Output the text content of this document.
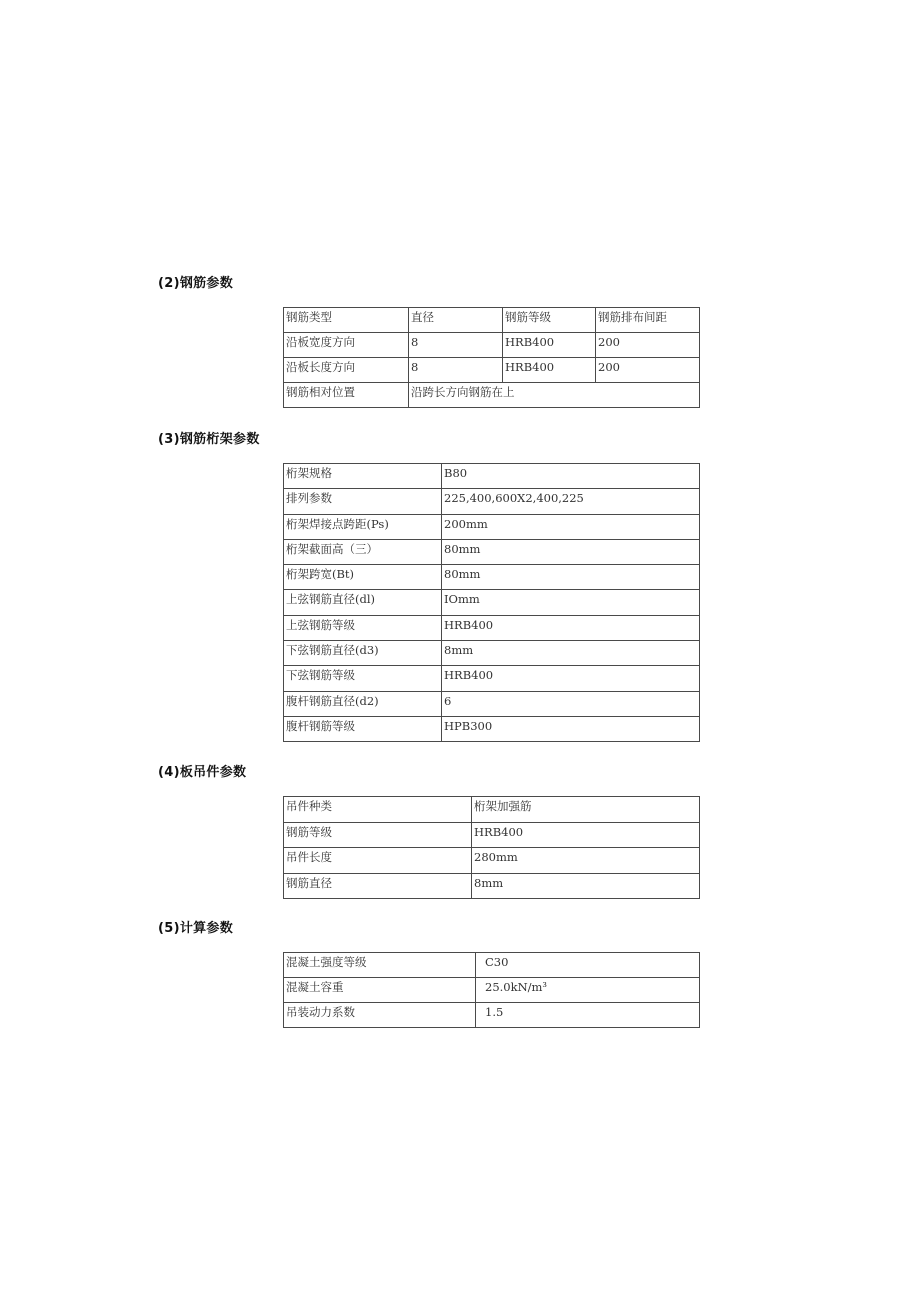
(2)钢筋参数
钢筋类型	直径	钢筋等级	钢筋排布间距
沿板宽度方向	8	HRB400	200
沿板长度方向	8	HRB400	200
钢筋相对位置	沿跨长方向钢筋在上		
(3)钢筋桁架参数
桁架规格	B80
排列参数	225,400,600X2,400,225
桁架焊接点跨距(Ps)	200mm
桁架截面高（三）	80mm
桁架跨宽(Bt)	80mm
上弦钢筋直径(dl)	IOmm
上弦钢筋等级	HRB400
下弦钢筋直径(d3)	8mm
下弦钢筋等级	HRB400
腹杆钢筋直径(d2)	6
腹杆钢筋等级	HPB300
(4)板吊件参数
吊件种类	桁架加强筋
钢筋等级	HRB400
吊件长度	280mm
钢筋直径	8mm
(5)计算参数
混凝土强度等级	C30
混凝土容重	25.0kN/m³
吊装动力系数	1.5
